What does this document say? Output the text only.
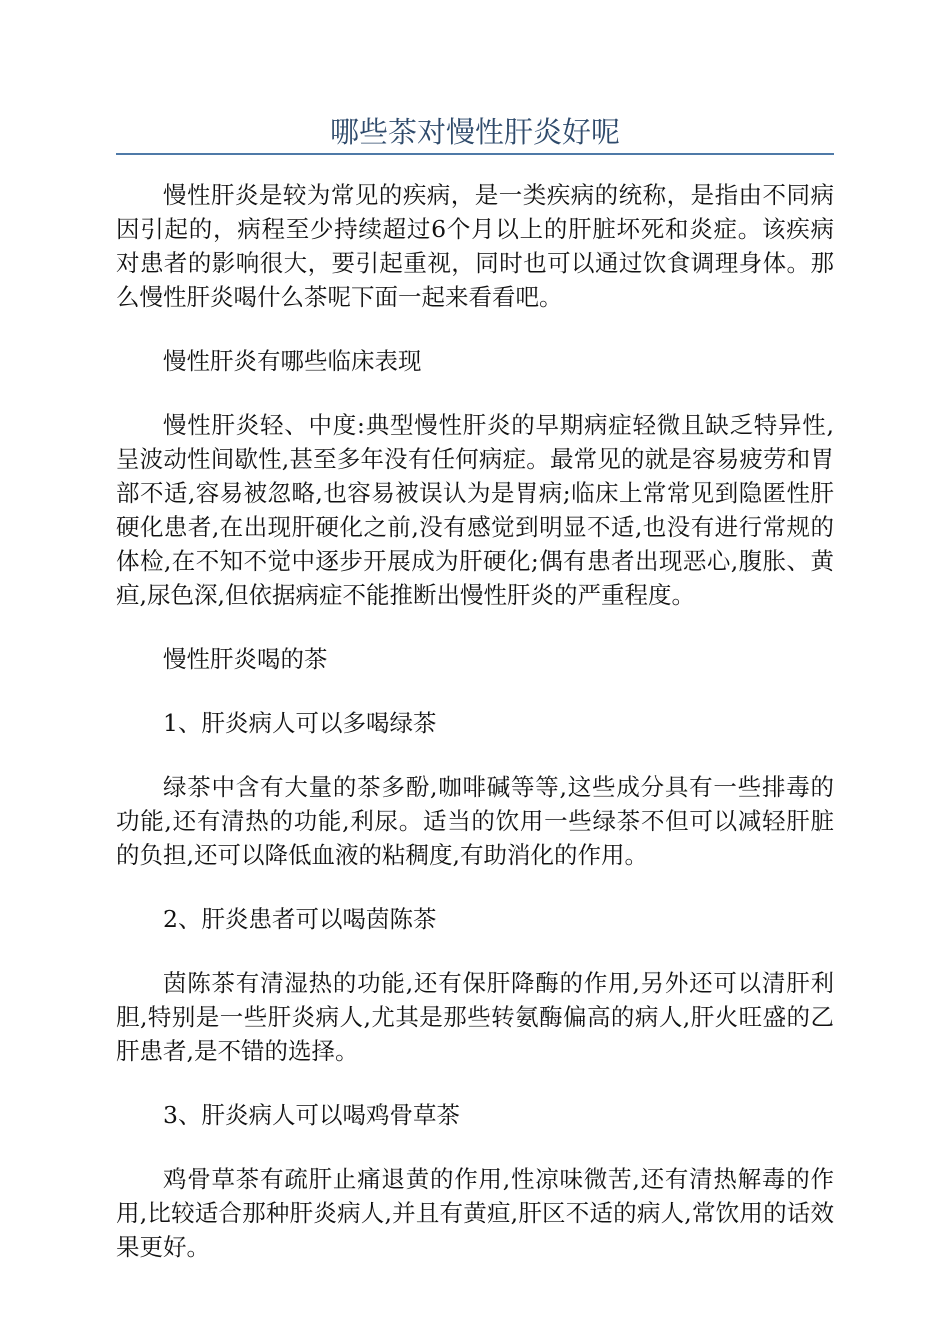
哪些茶对慢性肝炎好呢

慢性肝炎是较为常见的疾病，是一类疾病的统称，是指由不同病因引起的，病程至少持续超过6个月以上的肝脏坏死和炎症。该疾病对患者的影响很大，要引起重视，同时也可以通过饮食调理身体。那么慢性肝炎喝什么茶呢下面一起来看看吧。

慢性肝炎有哪些临床表现

慢性肝炎轻、中度:典型慢性肝炎的早期病症轻微且缺乏特异性,呈波动性间歇性,甚至多年没有任何病症。最常见的就是容易疲劳和胃部不适,容易被忽略,也容易被误认为是胃病;临床上常常见到隐匿性肝硬化患者,在出现肝硬化之前,没有感觉到明显不适,也没有进行常规的体检,在不知不觉中逐步开展成为肝硬化;偶有患者出现恶心,腹胀、黄疸,尿色深,但依据病症不能推断出慢性肝炎的严重程度。

慢性肝炎喝的茶

1、肝炎病人可以多喝绿茶

绿茶中含有大量的茶多酚,咖啡碱等等,这些成分具有一些排毒的功能,还有清热的功能,利尿。适当的饮用一些绿茶不但可以减轻肝脏的负担,还可以降低血液的粘稠度,有助消化的作用。

2、肝炎患者可以喝茵陈茶

茵陈茶有清湿热的功能,还有保肝降酶的作用,另外还可以清肝利胆,特别是一些肝炎病人,尤其是那些转氨酶偏高的病人,肝火旺盛的乙肝患者,是不错的选择。

3、肝炎病人可以喝鸡骨草茶

鸡骨草茶有疏肝止痛退黄的作用,性凉味微苦,还有清热解毒的作用,比较适合那种肝炎病人,并且有黄疸,肝区不适的病人,常饮用的话效果更好。
